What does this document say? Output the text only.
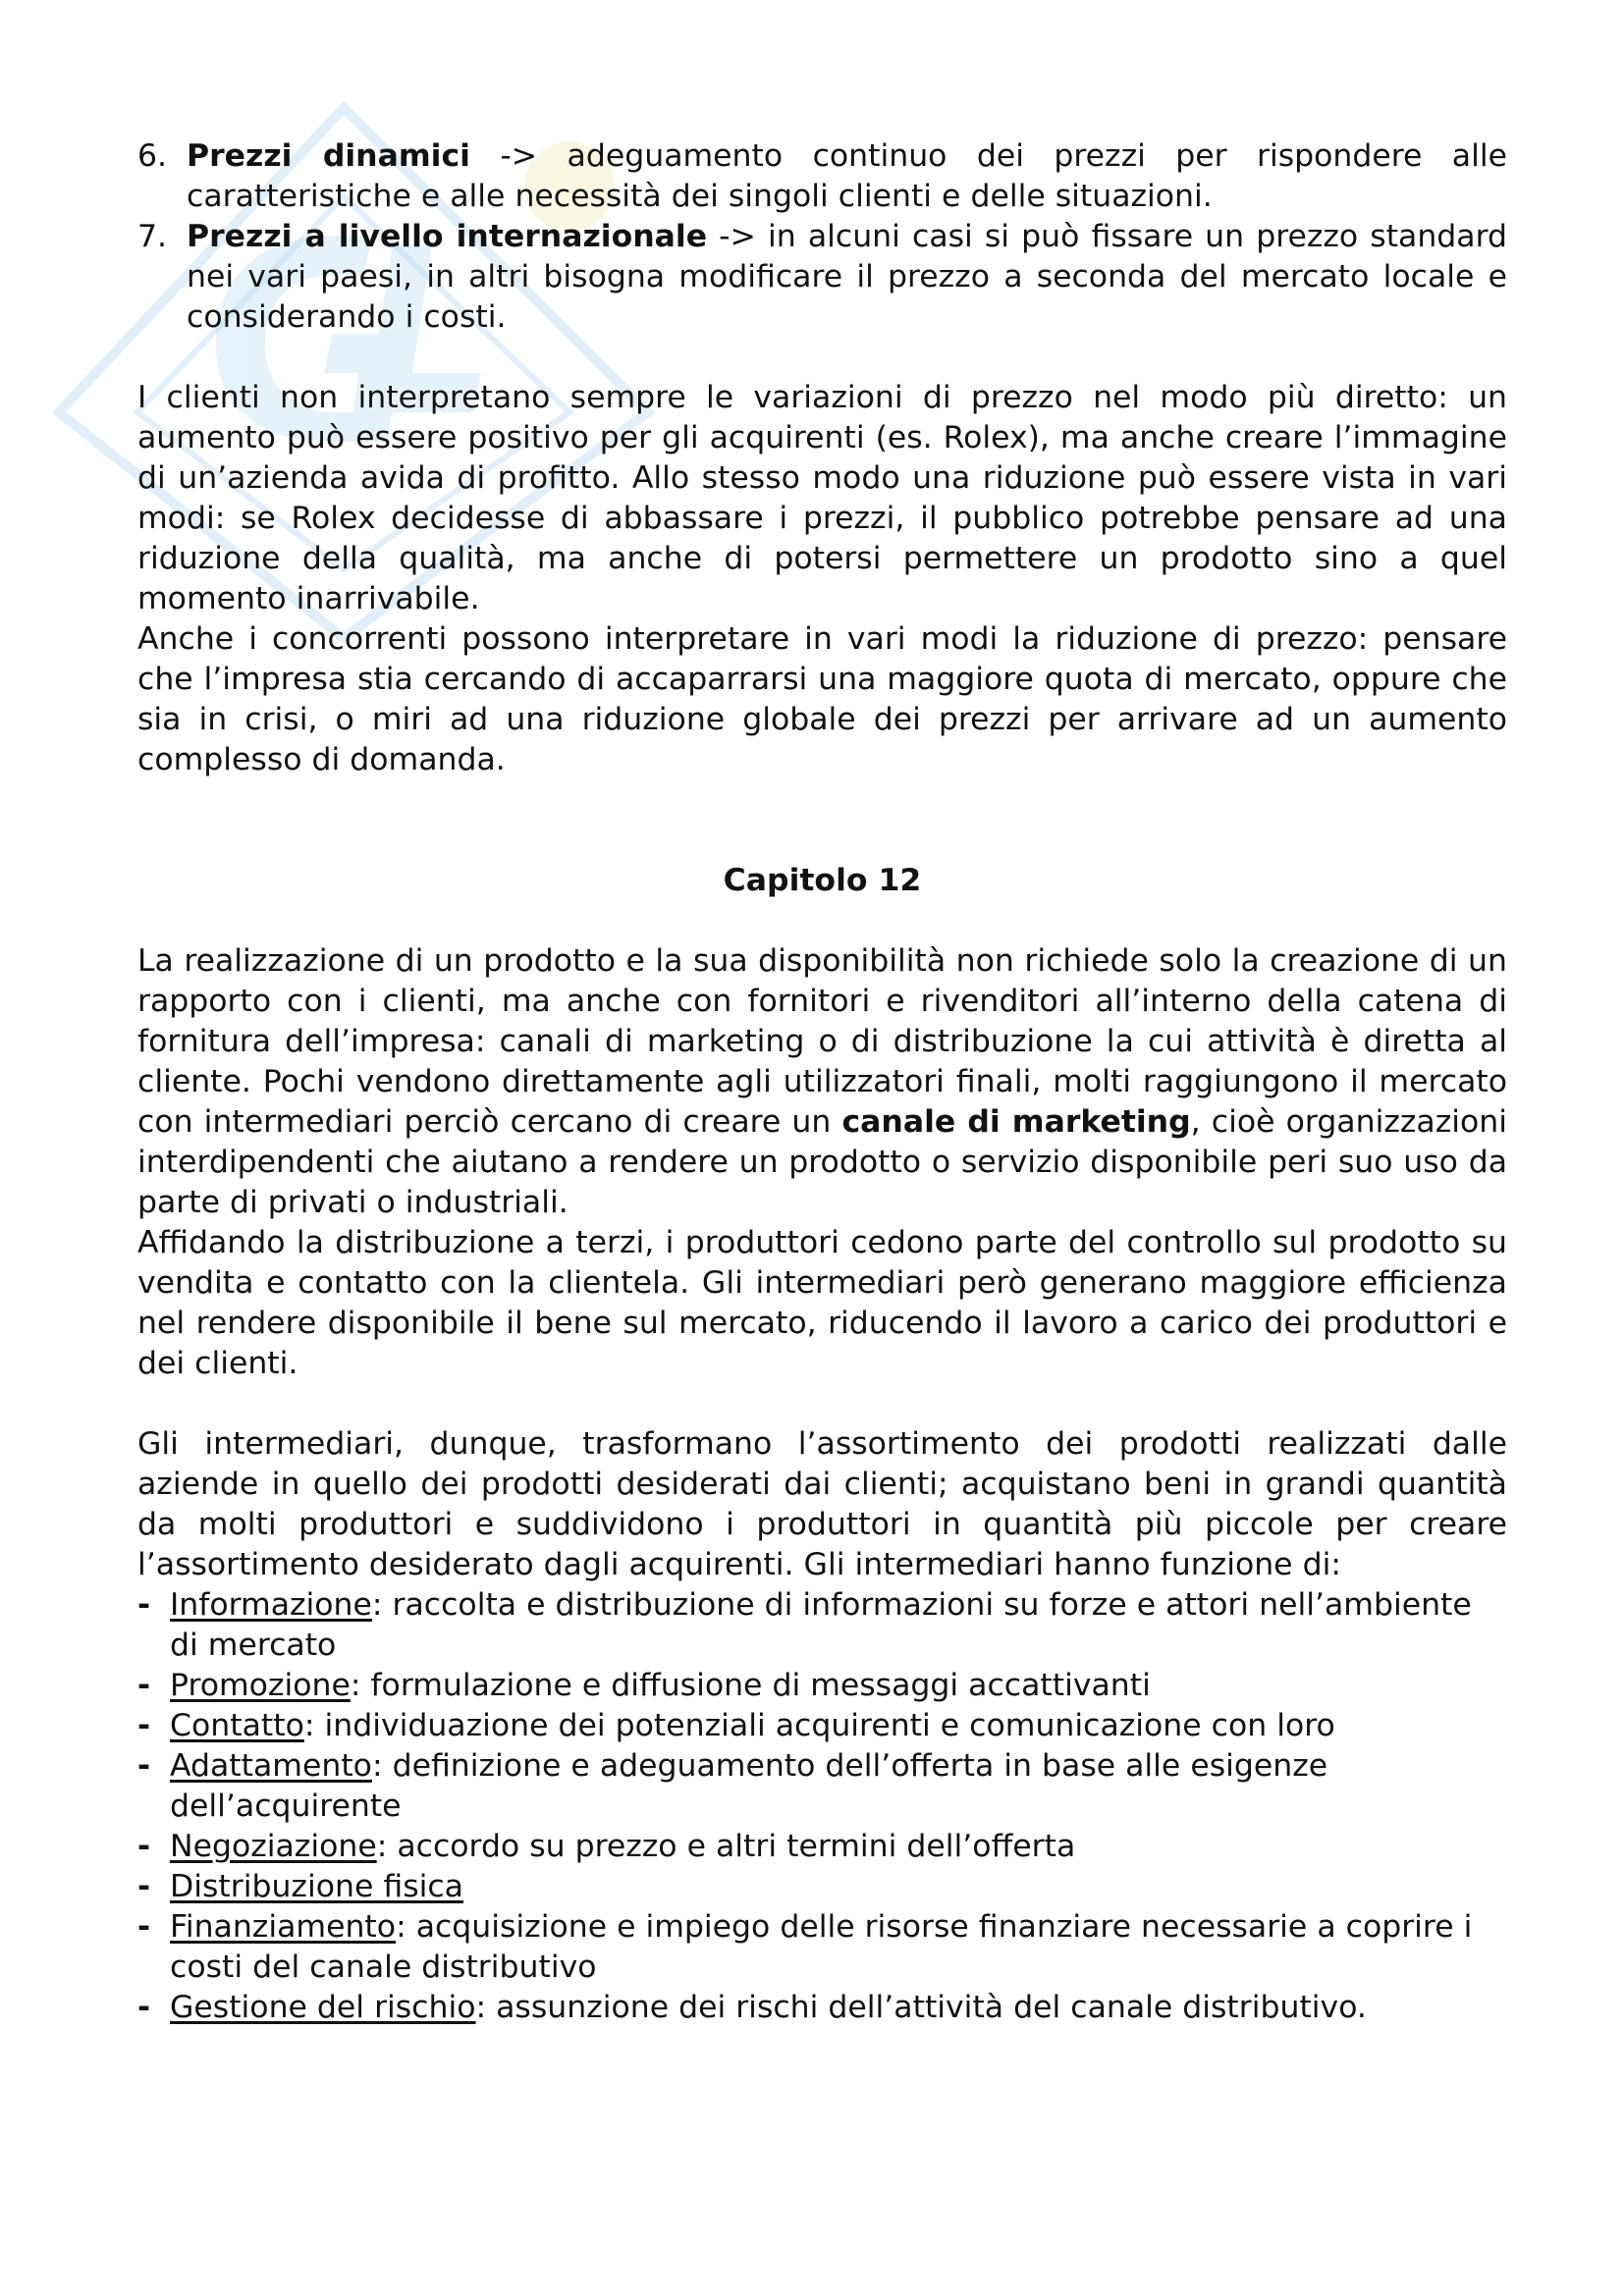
6. Prezzi dinamici -> adeguamento continuo dei prezzi per rispondere alle caratteristiche e alle necessità dei singoli clienti e delle situazioni.
7. Prezzi a livello internazionale -> in alcuni casi si può fissare un prezzo standard nei vari paesi, in altri bisogna modificare il prezzo a seconda del mercato locale e considerando i costi.

I clienti non interpretano sempre le variazioni di prezzo nel modo più diretto: un aumento può essere positivo per gli acquirenti (es. Rolex), ma anche creare l’immagine di un’azienda avida di profitto. Allo stesso modo una riduzione può essere vista in vari modi: se Rolex decidesse di abbassare i prezzi, il pubblico potrebbe pensare ad una riduzione della qualità, ma anche di potersi permettere un prodotto sino a quel momento inarrivabile.

Anche i concorrenti possono interpretare in vari modi la riduzione di prezzo: pensare che l’impresa stia cercando di accaparrarsi una maggiore quota di mercato, oppure che sia in crisi, o miri ad una riduzione globale dei prezzi per arrivare ad un aumento complesso di domanda.

Capitolo 12

La realizzazione di un prodotto e la sua disponibilità non richiede solo la creazione di un rapporto con i clienti, ma anche con fornitori e rivenditori all’interno della catena di fornitura dell’impresa: canali di marketing o di distribuzione la cui attività è diretta al cliente. Pochi vendono direttamente agli utilizzatori finali, molti raggiungono il mercato con intermediari perciò cercano di creare un canale di marketing, cioè organizzazioni interdipendenti che aiutano a rendere un prodotto o servizio disponibile peri suo uso da parte di privati o industriali.

Affidando la distribuzione a terzi, i produttori cedono parte del controllo sul prodotto su vendita e contatto con la clientela. Gli intermediari però generano maggiore efficienza nel rendere disponibile il bene sul mercato, riducendo il lavoro a carico dei produttori e dei clienti.

Gli intermediari, dunque, trasformano l’assortimento dei prodotti realizzati dalle aziende in quello dei prodotti desiderati dai clienti; acquistano beni in grandi quantità da molti produttori e suddividono i produttori in quantità più piccole per creare l’assortimento desiderato dagli acquirenti. Gli intermediari hanno funzione di:

- Informazione: raccolta e distribuzione di informazioni su forze e attori nell’ambiente di mercato
- Promozione: formulazione e diffusione di messaggi accattivanti
- Contatto: individuazione dei potenziali acquirenti e comunicazione con loro
- Adattamento: definizione e adeguamento dell’offerta in base alle esigenze dell’acquirente
- Negoziazione: accordo su prezzo e altri termini dell’offerta
- Distribuzione fisica
- Finanziamento: acquisizione e impiego delle risorse finanziare necessarie a coprire i costi del canale distributivo
- Gestione del rischio: assunzione dei rischi dell’attività del canale distributivo.
